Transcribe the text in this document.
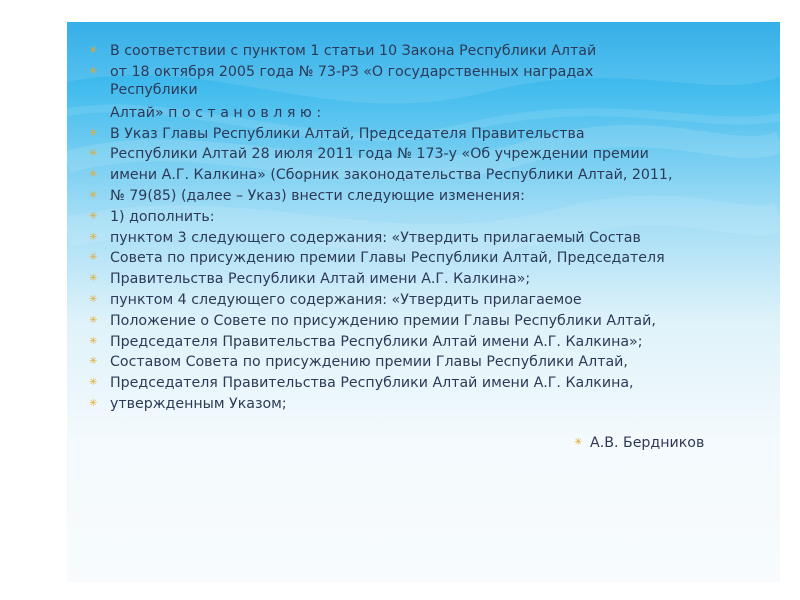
✳ В соответствии с пунктом 1 статьи 10 Закона Республики Алтай
✳ от 18 октября 2005 года № 73-РЗ «О государственных наградах Республики
Алтай» п о с т а н о в л я ю :
✳ В Указ Главы Республики Алтай, Председателя Правительства
✳ Республики Алтай 28 июля 2011 года № 173-у «Об учреждении премии
✳ имени А.Г. Калкина» (Сборник законодательства Республики Алтай, 2011,
✳ № 79(85) (далее – Указ) внести следующие изменения:
✳ 1) дополнить:
✳ пунктом 3 следующего содержания: «Утвердить прилагаемый Состав
✳ Совета по присуждению премии Главы Республики Алтай, Председателя
✳ Правительства Республики Алтай имени А.Г. Калкина»;
✳ пунктом 4 следующего содержания: «Утвердить прилагаемое
✳ Положение о Совете по присуждению премии Главы Республики Алтай,
✳ Председателя Правительства Республики Алтай имени А.Г. Калкина»;
✳ Составом Совета по присуждению премии Главы Республики Алтай,
✳ Председателя Правительства Республики Алтай имени А.Г. Калкина,
✳ утвержденным Указом;
✳ А.В. Бердников
